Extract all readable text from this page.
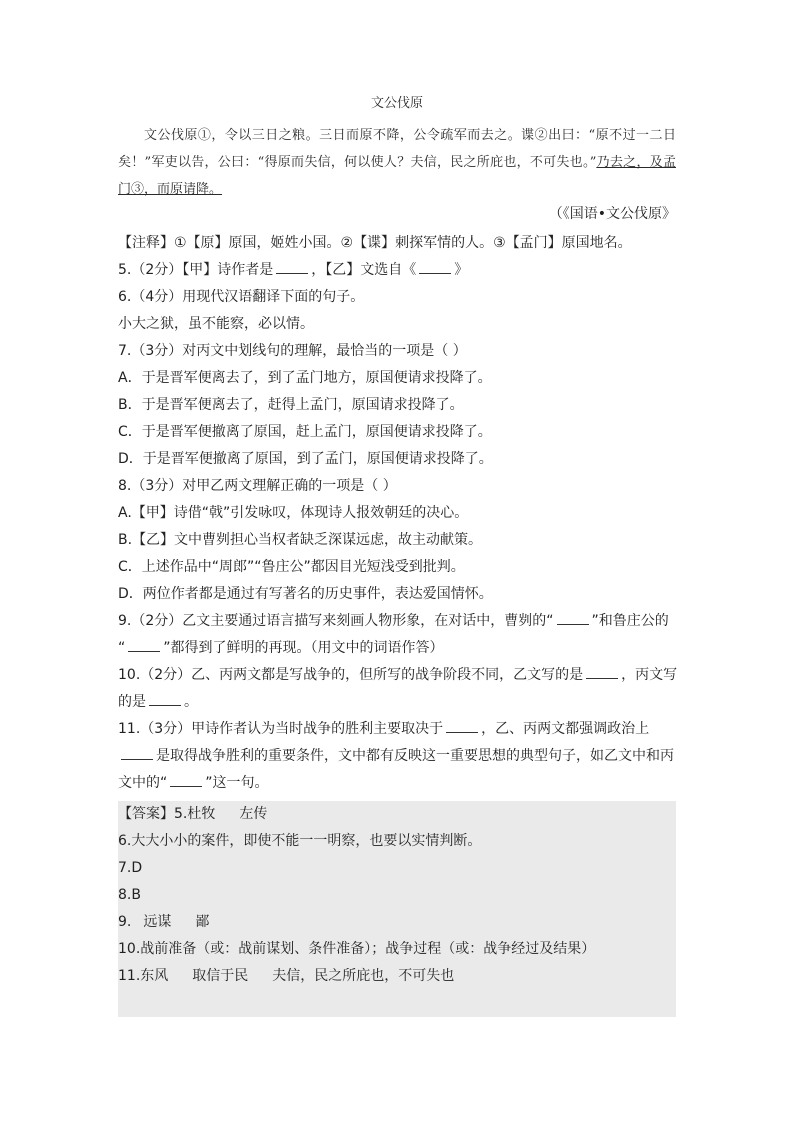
文公伐原

文公伐原①，令以三日之粮。三日而原不降，公令疏军而去之。谍②出曰：“原不过一二日矣！”军吏以告，公曰：“得原而失信，何以使人？夫信，民之所庇也，不可失也。”乃去之，及孟门③，而原请降。

（《国语•文公伐原》
【注释】①【原】原国，姬姓小国。②【谍】刺探军情的人。③【孟门】原国地名。
5.（2分）【甲】诗作者是	，【乙】文选自《	》
6.（4分）用现代汉语翻译下面的句子。
小大之狱，虽不能察，必以情。
7.（3分）对丙文中划线句的理解，最恰当的一项是（ ）
A．于是晋军便离去了，到了孟门地方，原国便请求投降了。
B．于是晋军便离去了，赶得上孟门，原国请求投降了。
C．于是晋军便撤离了原国，赶上孟门，原国便请求投降了。
D．于是晋军便撤离了原国，到了孟门，原国便请求投降了。
8.（3分）对甲乙两文理解正确的一项是（ ）
A.【甲】诗借“戟”引发咏叹，体现诗人报效朝廷的决心。
B.【乙】文中曹刿担心当权者缺乏深谋远虑，故主动献策。
C．上述作品中“周郎”“鲁庄公”都因目光短浅受到批判。
D．两位作者都是通过有写著名的历史事件，表达爱国情怀。
9.（2分）乙文主要通过语言描写来刻画人物形象，在对话中，曹刿的“	”和鲁庄公的
“	”都得到了鲜明的再现。（用文中的词语作答）
10.（2分）乙、丙两文都是写战争的，但所写的战争阶段不同，乙文写的是	，丙文写
的是	。
11.（3分）甲诗作者认为当时战争的胜利主要取决于	，乙、丙两文都强调政治上
是取得战争胜利的重要条件，文中都有反映这一重要思想的典型句子，如乙文中和丙
文中的“	”这一句。
【答案】5.杜牧 左传
6.大大小小的案件，即使不能一一明察，也要以实情判断。
7.D
8.B
9. 远谋 鄙
10.战前准备（或：战前谋划、条件准备）；战争过程（或：战争经过及结果）
11.东风 取信于民 夫信，民之所庇也，不可失也
